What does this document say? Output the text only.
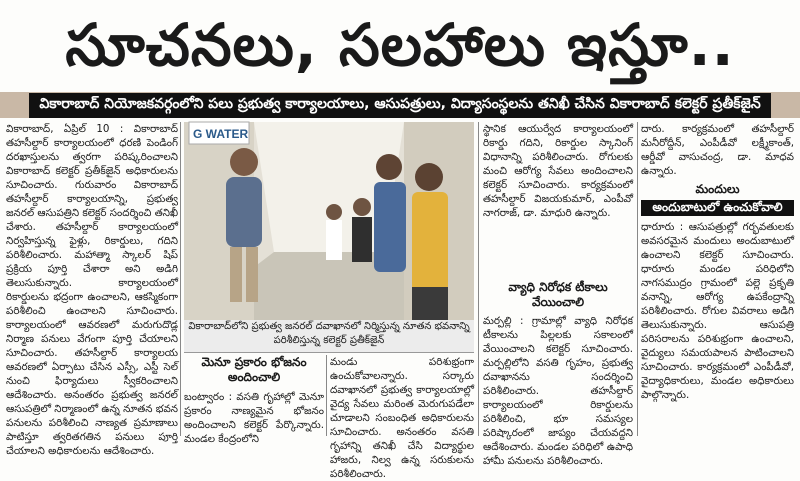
సూచనలు, సలహాలు ఇస్తూ..
వికారాబాద్ నియోజకవర్గంలోని పలు ప్రభుత్వ కార్యాలయాలు, ఆసుపత్రులు, విద్యాసంస్థలను తనిఖీ చేసిన వికారాబాద్ కలెక్టర్ ప్రతీక్‌జైన్
వికారాబాద్, ఏప్రిల్ 10 : వికారాబాద్ తహసీల్దార్ కార్యాలయంలో ధరణి పెండింగ్ దరఖాస్తులను త్వరగా పరిష్కరించాలని వికారాబాద్ కలెక్టర్ ప్రతీక్‌జైన్ అధికారులను సూచించారు. గురువారం వికారాబాద్ తహసీల్దార్ కార్యాలయాన్ని, ప్రభుత్వ జనరల్ ఆసుపత్రిని కలెక్టర్ సందర్శించి తనిఖీ చేశారు. తహసీల్దార్ కార్యాలయంలో నిర్వహిస్తున్న ఫైళ్లు, రికార్డులు, గదిని పరిశీలించారు. మహాత్మా స్కాలర్ షిప్ ప్రక్రియ పూర్తి చేశారా అని అడిగి తెలుసుకున్నారు. కార్యాలయంలో రికార్డులను భద్రంగా ఉంచాలని, ఆకస్మికంగా పరిశీలించి ఉంచాలని సూచించారు. కార్యాలయంలో ఆవరణలో మరుగుదొడ్ల నిర్మాణ పనులు వేగంగా పూర్తి చేయాలని సూచించారు. తహసీల్దార్ కార్యాలయ ఆవరణలో ఏర్పాటు చేసిన ఎస్సీ, ఎస్టీ సెల్ నుంచి ఫిర్యాదులు స్వీకరించాలని ఆదేశించారు. అనంతరం ప్రభుత్వ జనరల్ ఆసుపత్రిలో నిర్మాణంలో ఉన్న నూతన భవన పనులను పరిశీలించి నాణ్యత ప్రమాణాలు పాటిస్తూ త్వరితగతిన పనులు పూర్తి చేయాలని అధికారులను ఆదేశించారు.
G WATER
వికారాబాద్‌లోని ప్రభుత్వ జనరల్ దవాఖానలో నిర్మిస్తున్న నూతన భవనాన్ని పరిశీలిస్తున్న కలెక్టర్ ప్రతీక్‌జైన్
మెనూ ప్రకారం భోజనం అందించాలి
బంట్వారం : వసతి గృహాల్లో మెనూ ప్రకారం నాణ్యమైన భోజనం అందించాలని కలెక్టర్ పేర్కొన్నారు. మండల కేంద్రంలోని
మండు పరిశుభ్రంగా ఉంచుకోవాలన్నారు. సర్కారు దవాఖానలో ప్రభుత్వ కార్యాలయాల్లో వైద్య సేవలు మరింత మెరుగుపడేలా చూడాలని సంబంధిత అధికారులను సూచించారు. అనంతరం వసతి గృహాన్ని తనిఖీ చేసి విద్యార్థుల హాజరు, నిల్వ ఉన్న సరుకులను పరిశీలించారు.
స్థానిక ఆయుర్వేద కార్యాలయంలో రికార్డు గదిని, రికార్డుల స్కానింగ్ విధానాన్ని పరిశీలించారు. రోగులకు మంచి ఆరోగ్య సేవలు అందించాలని కలెక్టర్ సూచించారు. కార్యక్రమంలో తహసీల్దార్ విజయకుమార్, ఎంపీవో నాగరాజ్, డా. మాధురి ఉన్నారు.
వ్యాధి నిరోధక టీకాలు వేయించాలి
మర్పల్లి : గ్రామాల్లో వ్యాధి నిరోధక టీకాలను పిల్లలకు సకాలంలో వేయించాలని కలెక్టర్ సూచించారు. మర్పల్లిలోని వసతి గృహం, ప్రభుత్వ దవాఖానను సందర్శించి పరిశీలించారు. తహసీల్దార్ కార్యాలయంలో రికార్డులను పరిశీలించి, భూ సమస్యల పరిష్కారంలో జాప్యం చేయవద్దని ఆదేశించారు. మండల పరిధిలో ఉపాధి హామీ పనులను పరిశీలించారు.
దారు. కార్యక్రమంలో తహసీల్దార్ మనీరోద్దీన్, ఎంపీడీవో లక్ష్మీకాంత్, ఆర్డీవో వాసుచంద్ర, డా. మాధవ ఉన్నారు.
మందులు
అందుబాటులో ఉంచుకోవాలి
ధారూరు : ఆసుపత్రుల్లో గర్భవతులకు అవసరమైన మందులు అందుబాటులో ఉంచాలని కలెక్టర్ సూచించారు. ధారూరు మండల పరిధిలోని నాగసముద్రం గ్రామంలో పల్లె ప్రకృతి వనాన్ని, ఆరోగ్య ఉపకేంద్రాన్ని పరిశీలించారు. రోగుల వివరాలు అడిగి తెలుసుకున్నారు. ఆసుపత్రి పరిసరాలను పరిశుభ్రంగా ఉంచాలని, వైద్యులు సమయపాలన పాటించాలని సూచించారు. కార్యక్రమంలో ఎంపీడీవో, వైద్యాధికారులు, మండల అధికారులు పాల్గొన్నారు.
